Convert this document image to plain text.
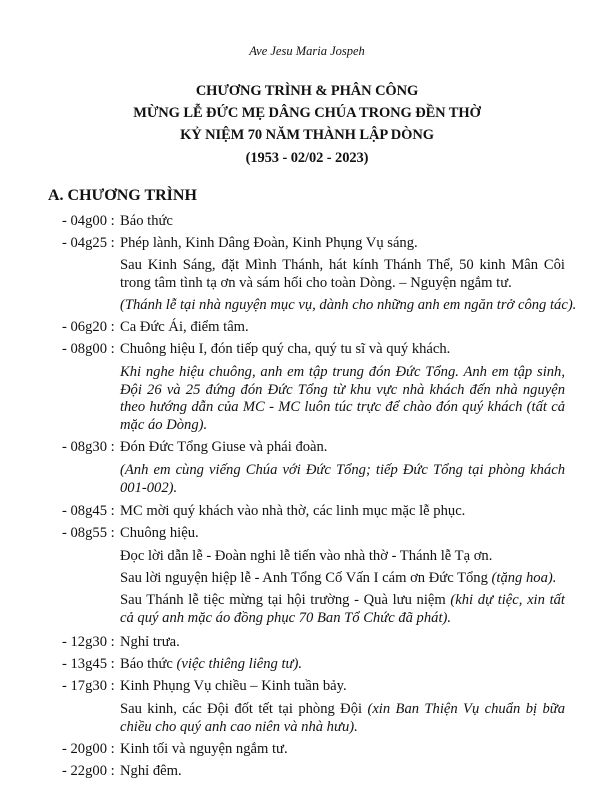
Ave Jesu Maria Jospeh
CHƯƠNG TRÌNH & PHÂN CÔNG
MỪNG LỄ ĐỨC MẸ DÂNG CHÚA TRONG ĐỀN THỜ
KỶ NIỆM 70 NĂM THÀNH LẬP DÒNG
(1953 - 02/02 - 2023)
A. CHƯƠNG TRÌNH
- 04g00 : Báo thức
- 04g25 : Phép lành, Kinh Dâng Đoàn, Kinh Phụng Vụ sáng.
Sau Kinh Sáng, đặt Mình Thánh, hát kính Thánh Thể, 50 kinh Mân Côi trong tâm tình tạ ơn và sám hối cho toàn Dòng. – Nguyện ngắm tư.
(Thánh lễ tại nhà nguyện mục vụ, dành cho những anh em ngăn trở công tác).
- 06g20 : Ca Đức Ái, điểm tâm.
- 08g00 : Chuông hiệu I, đón tiếp quý cha, quý tu sĩ và quý khách.
Khi nghe hiệu chuông, anh em tập trung đón Đức Tổng. Anh em tập sinh, Đội 26 và 25 đứng đón Đức Tổng từ khu vực nhà khách đến nhà nguyện theo hướng dẫn của MC - MC luôn túc trực để chào đón quý khách (tất cả mặc áo Dòng).
- 08g30 : Đón Đức Tổng Giuse và phái đoàn.
(Anh em cùng viếng Chúa với Đức Tổng; tiếp Đức Tổng tại phòng khách 001-002).
- 08g45 : MC mời quý khách vào nhà thờ, các linh mục mặc lễ phục.
- 08g55 : Chuông hiệu.
Đọc lời dẫn lễ - Đoàn nghi lễ tiến vào nhà thờ - Thánh lễ Tạ ơn.
Sau lời nguyện hiệp lễ - Anh Tổng Cố Vấn I cám ơn Đức Tổng (tặng hoa).
Sau Thánh lễ tiệc mừng tại hội trường - Quà lưu niệm (khi dự tiệc, xin tất cả quý anh mặc áo đồng phục 70 Ban Tổ Chức đã phát).
- 12g30 : Nghỉ trưa.
- 13g45 : Báo thức (việc thiêng liêng tư).
- 17g30 : Kinh Phụng Vụ chiều – Kinh tuần bảy.
Sau kinh, các Đội đốt tết tại phòng Đội (xin Ban Thiện Vụ chuẩn bị bữa chiều cho quý anh cao niên và nhà hưu).
- 20g00 : Kinh tối và nguyện ngắm tư.
- 22g00 : Nghỉ đêm.
